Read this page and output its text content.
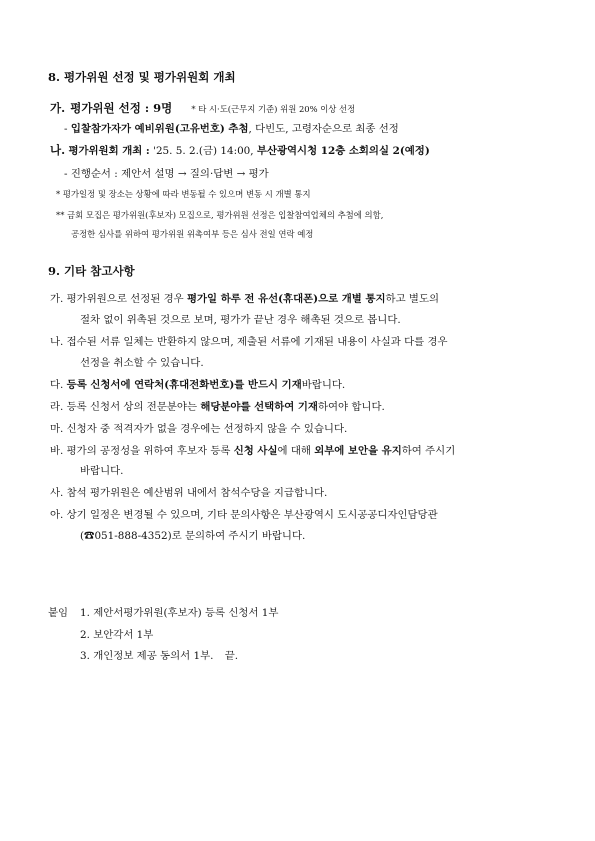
8. 평가위원 선정 및 평가위원회 개최
가. 평가위원 선정 : 9명 * 타 시·도(근무지 기준) 위원 20% 이상 선정
- 입찰참가자가 예비위원(고유번호) 추첨, 다빈도, 고령자순으로 최종 선정
나. 평가위원회 개최 : '25. 5. 2.(금) 14:00, 부산광역시청 12층 소회의실 2(예정)
- 진행순서 : 제안서 설명 → 질의·답변 → 평가
* 평가일정 및 장소는 상황에 따라 변동될 수 있으며 변동 시 개별 통지
** 금회 모집은 평가위원(후보자) 모집으로, 평가위원 선정은 입찰참여업체의 추첨에 의함,
공정한 심사를 위하여 평가위원 위촉여부 등은 심사 전일 연락 예정
9. 기타 참고사항
가. 평가위원으로 선정된 경우 평가일 하루 전 유선(휴대폰)으로 개별 통지하고 별도의
절차 없이 위촉된 것으로 보며, 평가가 끝난 경우 해촉된 것으로 봅니다.
나. 접수된 서류 일체는 반환하지 않으며, 제출된 서류에 기재된 내용이 사실과 다를 경우
선정을 취소할 수 있습니다.
다. 등록 신청서에 연락처(휴대전화번호)를 반드시 기재바랍니다.
라. 등록 신청서 상의 전문분야는 해당분야를 선택하여 기재하여야 합니다.
마. 신청자 중 적격자가 없을 경우에는 선정하지 않을 수 있습니다.
바. 평가의 공정성을 위하여 후보자 등록 신청 사실에 대해 외부에 보안을 유지하여 주시기
바랍니다.
사. 참석 평가위원은 예산범위 내에서 참석수당을 지급합니다.
아. 상기 일정은 변경될 수 있으며, 기타 문의사항은 부산광역시 도시공공디자인담당관
(☎051-888-4352)로 문의하여 주시기 바랍니다.
붙임 1. 제안서평가위원(후보자) 등록 신청서 1부
2. 보안각서 1부
3. 개인정보 제공 동의서 1부. 끝.
